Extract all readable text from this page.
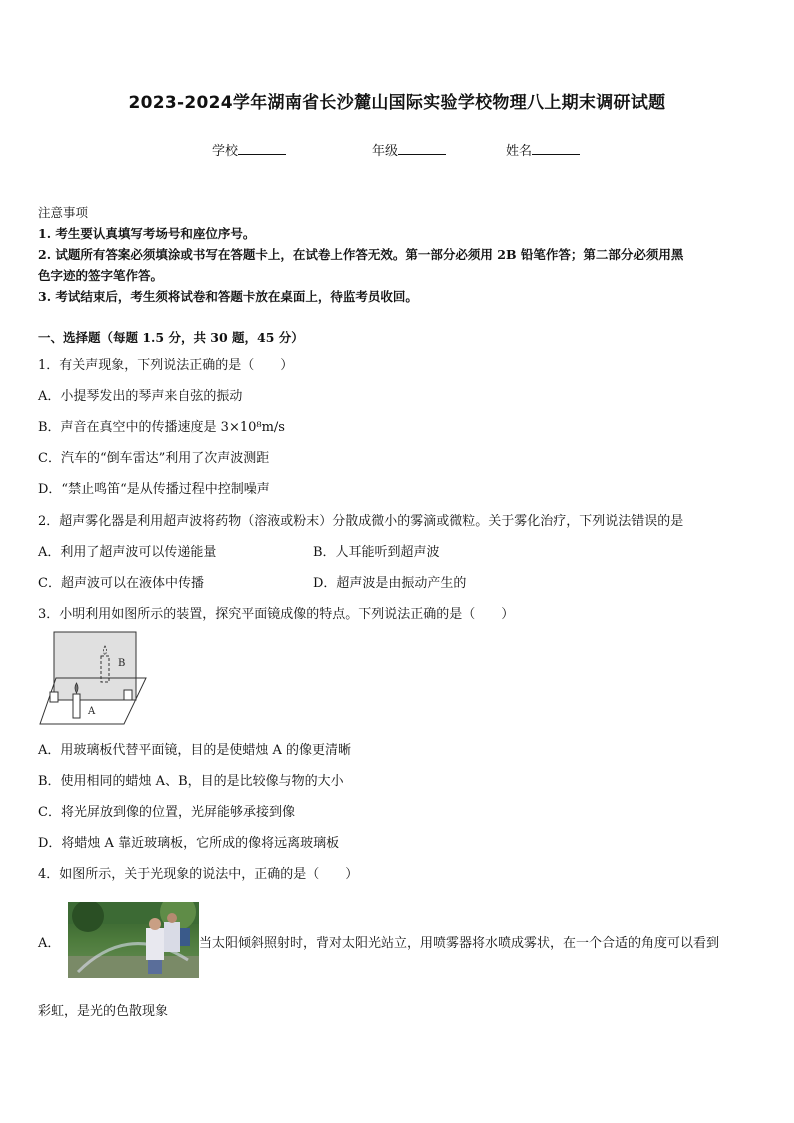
2023-2024学年湖南省长沙麓山国际实验学校物理八上期末调研试题
学校	年级	姓名
注意事项
1. 考生要认真填写考场号和座位序号。
2. 试题所有答案必须填涂或书写在答题卡上，在试卷上作答无效。第一部分必须用 2B 铅笔作答；第二部分必须用黑
色字迹的签字笔作答。
3. 考试结束后，考生须将试卷和答题卡放在桌面上，待监考员收回。
一、选择题（每题 1.5 分，共 30 题，45 分）
1．有关声现象，下列说法正确的是（　　）
A．小提琴发出的琴声来自弦的振动
B．声音在真空中的传播速度是 3×10⁸m/s
C．汽车的“倒车雷达”利用了次声波测距
D．“禁止鸣笛“是从传播过程中控制噪声
2．超声雾化器是利用超声波将药物（溶液或粉末）分散成微小的雾滴或微粒。关于雾化治疗，下列说法错误的是
A．利用了超声波可以传递能量	B．人耳能听到超声波
C．超声波可以在液体中传播	D．超声波是由振动产生的
3．小明利用如图所示的装置，探究平面镜成像的特点。下列说法正确的是（　　）
B
A
A．用玻璃板代替平面镜，目的是使蜡烛 A 的像更清晰
B．使用相同的蜡烛 A、B，目的是比较像与物的大小
C．将光屏放到像的位置，光屏能够承接到像
D．将蜡烛 A 靠近玻璃板，它所成的像将远离玻璃板
4．如图所示，关于光现象的说法中，正确的是（　　）
A．	当太阳倾斜照射时，背对太阳光站立，用喷雾器将水喷成雾状，在一个合适的角度可以看到
彩虹，是光的色散现象
